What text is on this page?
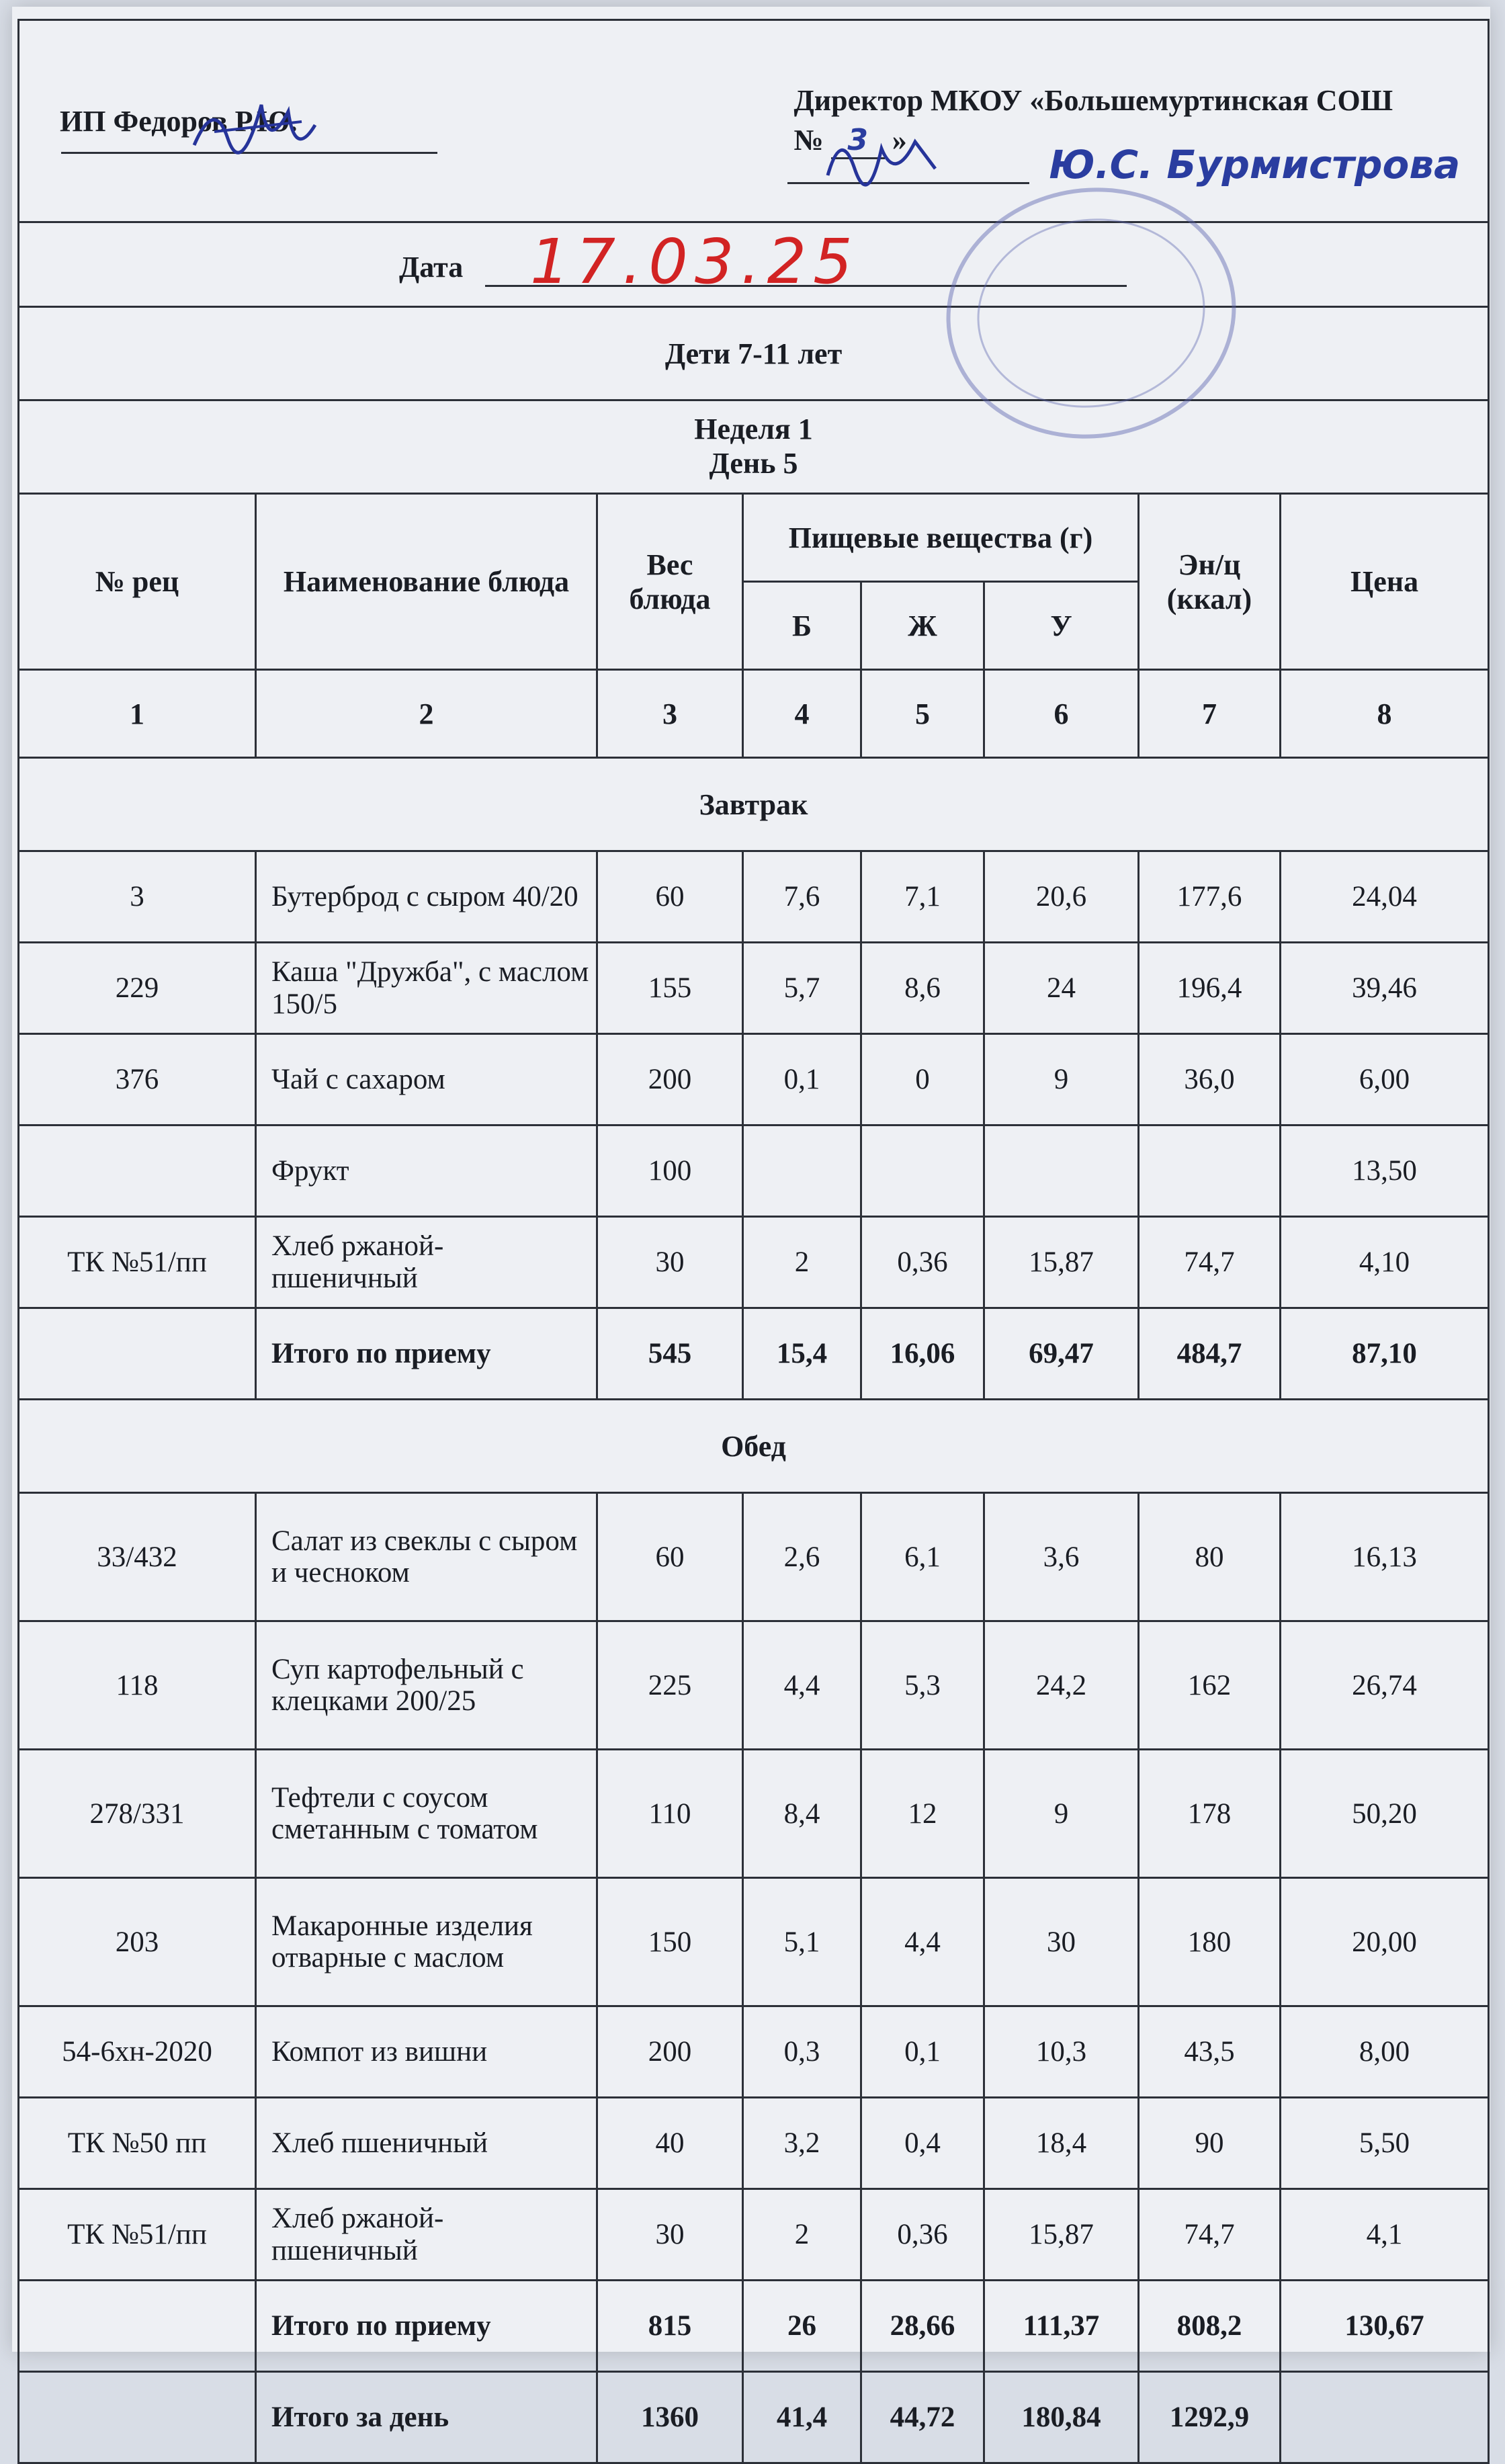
ИП Федоров Р.Ю.				Директор МКОУ «Большемуртинская СОШ
№ 3 »
Ю.С. Бурмистрова			

Дата 17.03.25							

Дети 7-11 лет							

Неделя 1
День 5							

№ рец	Наименование блюда	Вес блюда	Пищевые вещества (г)			Эн/ц (ккал)	Цена
			Б	Ж	У		
1	2	3	4	5	6	7	8
Завтрак							
3	Бутерброд с сыром 40/20	60	7,6	7,1	20,6	177,6	24,04
229	Каша "Дружба", с маслом 150/5	155	5,7	8,6	24	196,4	39,46
376	Чай с сахаром	200	0,1	0	9	36,0	6,00
	Фрукт	100					13,50
ТК №51/пп	Хлеб ржаной-пшеничный	30	2	0,36	15,87	74,7	4,10
	Итого по приему	545	15,4	16,06	69,47	484,7	87,10
Обед							
33/432	Салат из свеклы с сыром и чесноком	60	2,6	6,1	3,6	80	16,13
118	Суп картофельный с клецками 200/25	225	4,4	5,3	24,2	162	26,74
278/331	Тефтели с соусом сметанным с томатом	110	8,4	12	9	178	50,20
203	Макаронные изделия отварные с маслом	150	5,1	4,4	30	180	20,00
54-6хн-2020	Компот из вишни	200	0,3	0,1	10,3	43,5	8,00
ТК №50 пп	Хлеб пшеничный	40	3,2	0,4	18,4	90	5,50
ТК №51/пп	Хлеб ржаной-пшеничный	30	2	0,36	15,87	74,7	4,1
	Итого по приему	815	26	28,66	111,37	808,2	130,67
	Итого за день	1360	41,4	44,72	180,84	1292,9	
